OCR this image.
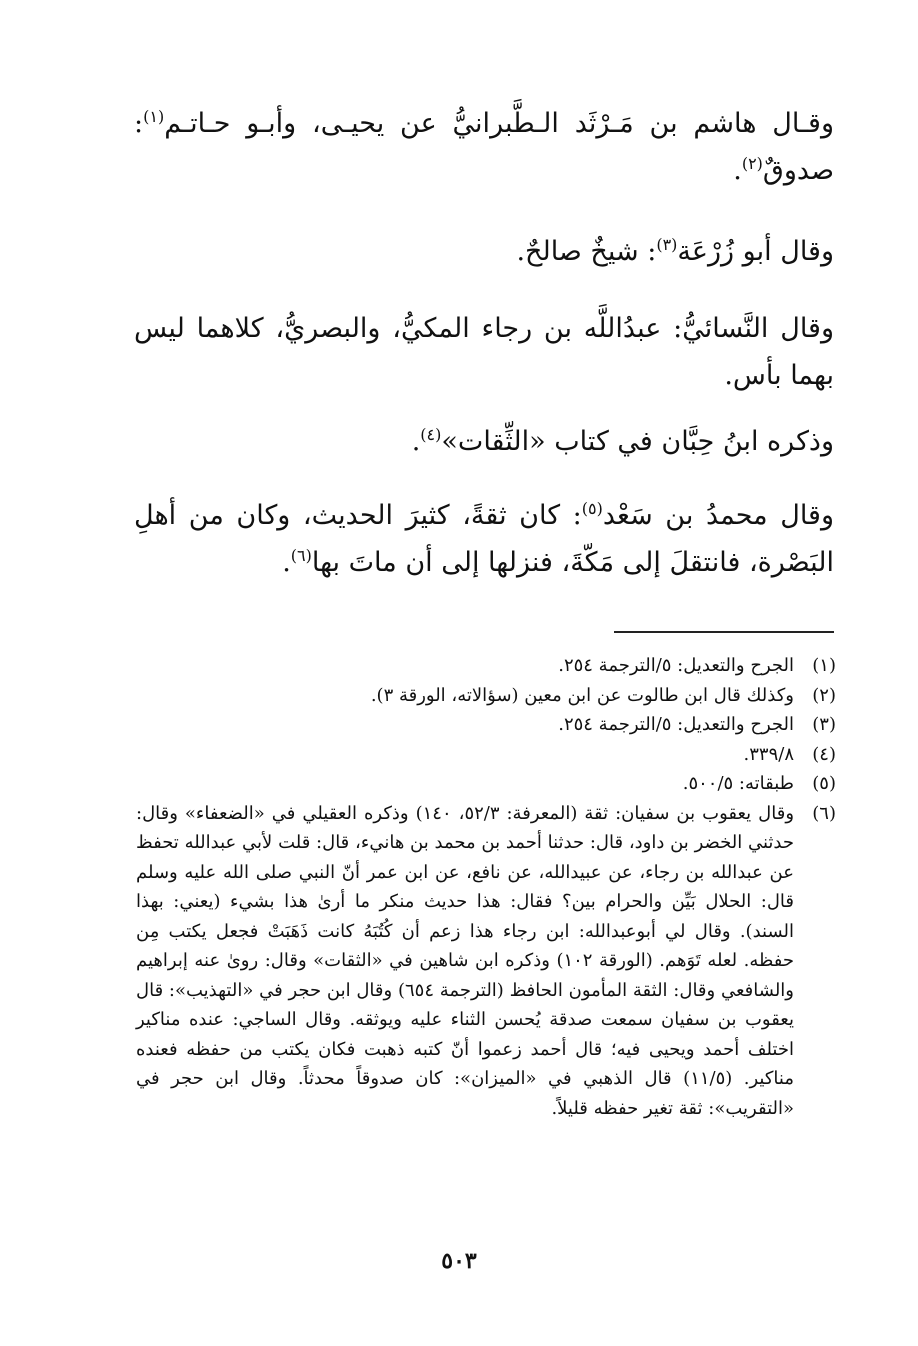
وقـال هاشم بن مَـرْثَد الـطَّبرانيُّ عن يحيـى، وأبـو حـاتـم$^{(١)}$: صدوقٌ$^{(٢)}$.

وقال أبو زُرْعَة$^{(٣)}$: شيخٌ صالحٌ.

وقال النَّسائيُّ: عبدُاللَّه بن رجاء المكيُّ، والبصريُّ، كلاهما ليس بهما بأس.

وذكره ابنُ حِبَّان في كتاب «الثِّقات»$^{(٤)}$.

وقال محمدُ بن سَعْد$^{(٥)}$: كان ثقةً، كثيرَ الحديث، وكان من أهلِ البَصْرة، فانتقلَ إلى مَكّةَ، فنزلها إلى أن ماتَ بها$^{(٦)}$.

(١)
الجرح والتعديل: ٥/الترجمة ٢٥٤.

(٢)
وكذلك قال ابن طالوت عن ابن معين (سؤالاته، الورقة ٣).

(٣)
الجرح والتعديل: ٥/الترجمة ٢٥٤.

(٤)
٣٣٩/٨.

(٥)
طبقاته: ٥٠٠/٥.

(٦)
وقال يعقوب بن سفيان: ثقة (المعرفة: ٥٢/٣، ١٤٠) وذكره العقيلي في «الضعفاء» وقال: حدثني الخضر بن داود، قال: حدثنا أحمد بن محمد بن هانيء، قال: قلت لأبي عبدالله تحفظ عن عبدالله بن رجاء، عن عبيدالله، عن نافع، عن ابن عمر أنّ النبي صلى الله عليه وسلم قال: الحلال بَيِّن والحرام بين؟ فقال: هذا حديث منكر ما أرىٰ هذا بشيء (يعني: بهذا السند). وقال لي أبوعبدالله: ابن رجاء هذا زعم أن كُتُبَهُ كانت ذَهَبَتْ فجعل يكتب مِن حفظه. لعله تَوَهم. (الورقة ١٠٢) وذكره ابن شاهين في «الثقات» وقال: روىٰ عنه إبراهيم والشافعي وقال: الثقة المأمون الحافظ (الترجمة ٦٥٤) وقال ابن حجر في «التهذيب»: قال يعقوب بن سفيان سمعت صدقة يُحسن الثناء عليه ويوثقه. وقال الساجي: عنده مناكير اختلف أحمد ويحيى فيه؛ قال أحمد زعموا أنّ كتبه ذهبت فكان يكتب من حفظه فعنده مناكير. (١١/٥) قال الذهبي في «الميزان»: كان صدوقاً محدثاً. وقال ابن حجر في «التقريب»: ثقة تغير حفظه قليلاً.

٥٠٣
